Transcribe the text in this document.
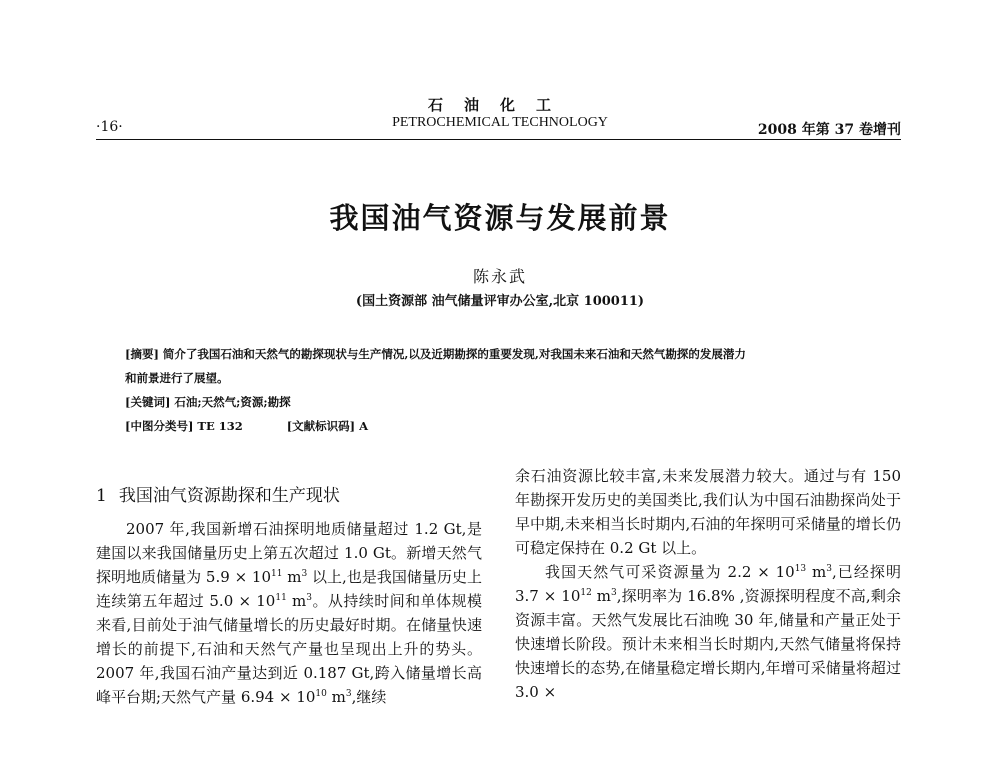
石油化工
·16·	PETROCHEMICAL TECHNOLOGY	2008 年第 37 卷增刊
我国油气资源与发展前景
陈永武
(国土资源部 油气储量评审办公室,北京 100011)
[摘要] 简介了我国石油和天然气的勘探现状与生产情况,以及近期勘探的重要发现,对我国未来石油和天然气勘探的发展潜力
和前景进行了展望。
[关键词] 石油;天然气;资源;勘探
[中图分类号] TE 132	[文献标识码] A
1 我国油气资源勘探和生产现状

2007 年,我国新增石油探明地质储量超过 1.2 Gt,是建国以来我国储量历史上第五次超过 1.0 Gt。新增天然气探明地质储量为 $5.9 \times 10^{11}$ $m^3$ 以上,也是我国储量历史上连续第五年超过 $5.0 \times 10^{11}$ $m^3$。从持续时间和单体规模来看,目前处于油气储量增长的历史最好时期。在储量快速增长的前提下,石油和天然气产量也呈现出上升的势头。2007 年,我国石油产量达到近 0.187 Gt,跨入储量增长高峰平台期;天然气产量 $6.94 \times 10^{10}$ $m^3$,继续

余石油资源比较丰富,未来发展潜力较大。通过与有 150 年勘探开发历史的美国类比,我们认为中国石油勘探尚处于早中期,未来相当长时期内,石油的年探明可采储量的增长仍可稳定保持在 0.2 Gt 以上。

我国天然气可采资源量为 $2.2 \times 10^{13}$ $m^3$,已经探明 $3.7 \times 10^{12}$ $m^3$,探明率为 16.8% ,资源探明程度不高,剩余资源丰富。天然气发展比石油晚 30 年,储量和产量正处于快速增长阶段。预计未来相当长时期内,天然气储量将保持快速增长的态势,在储量稳定增长期内,年增可采储量将超过 3.0 ×
